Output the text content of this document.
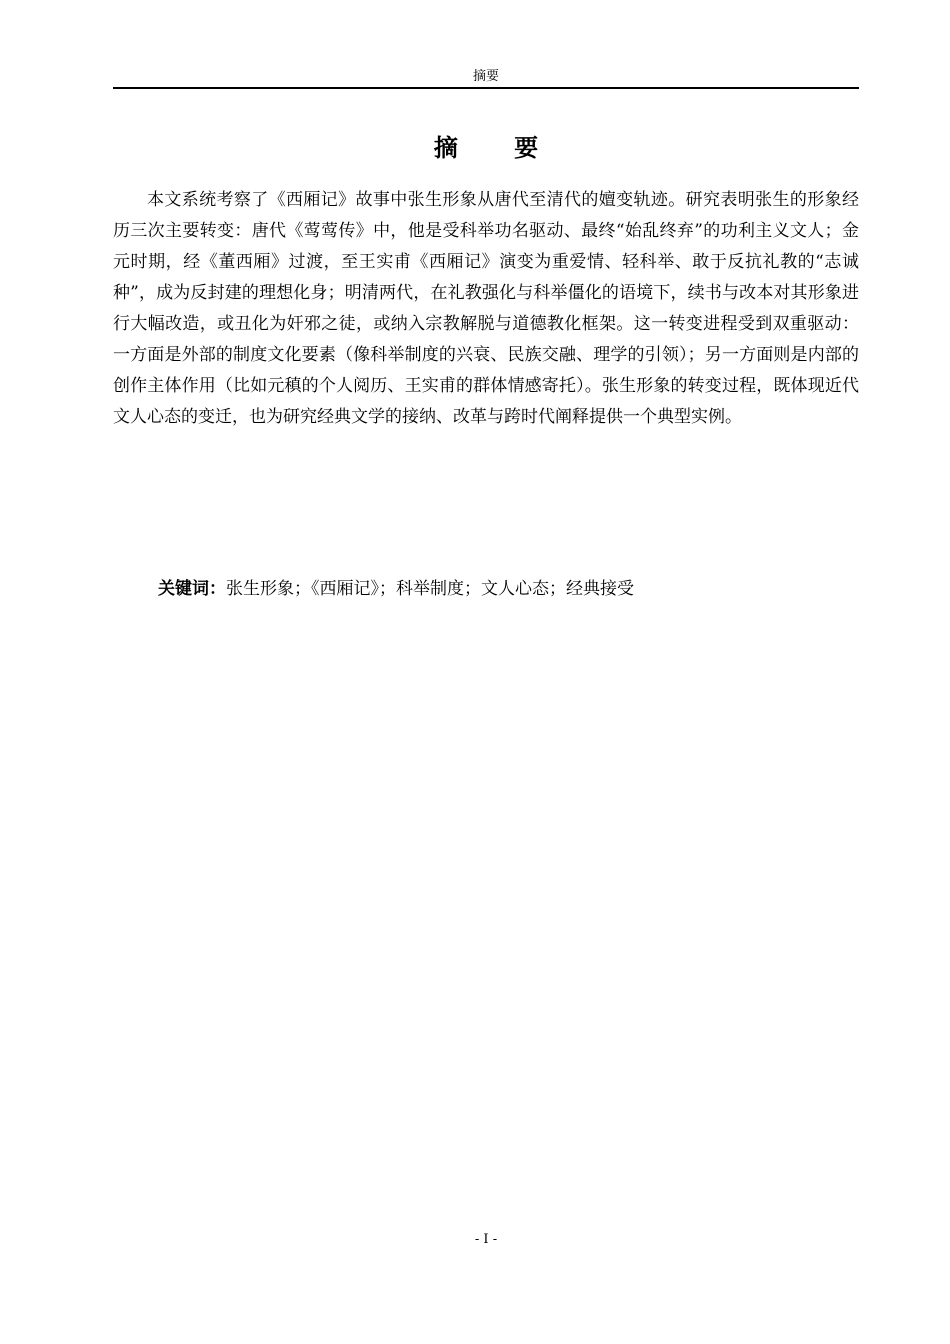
摘要
摘 要

本文系统考察了《西厢记》故事中张生形象从唐代至清代的嬗变轨迹。研究表明张生的形象经历三次主要转变：唐代《莺莺传》中，他是受科举功名驱动、最终“始乱终弃”的功利主义文人；金元时期，经《董西厢》过渡，至王实甫《西厢记》演变为重爱情、轻科举、敢于反抗礼教的“志诚种”，成为反封建的理想化身；明清两代，在礼教强化与科举僵化的语境下，续书与改本对其形象进行大幅改造，或丑化为奸邪之徒，或纳入宗教解脱与道德教化框架。这一转变进程受到双重驱动：一方面是外部的制度文化要素（像科举制度的兴衰、民族交融、理学的引领）；另一方面则是内部的创作主体作用（比如元稹的个人阅历、王实甫的群体情感寄托）。张生形象的转变过程，既体现近代文人心态的变迁，也为研究经典文学的接纳、改革与跨时代阐释提供一个典型实例。

关键词：张生形象；《西厢记》；科举制度；文人心态；经典接受
- I -
